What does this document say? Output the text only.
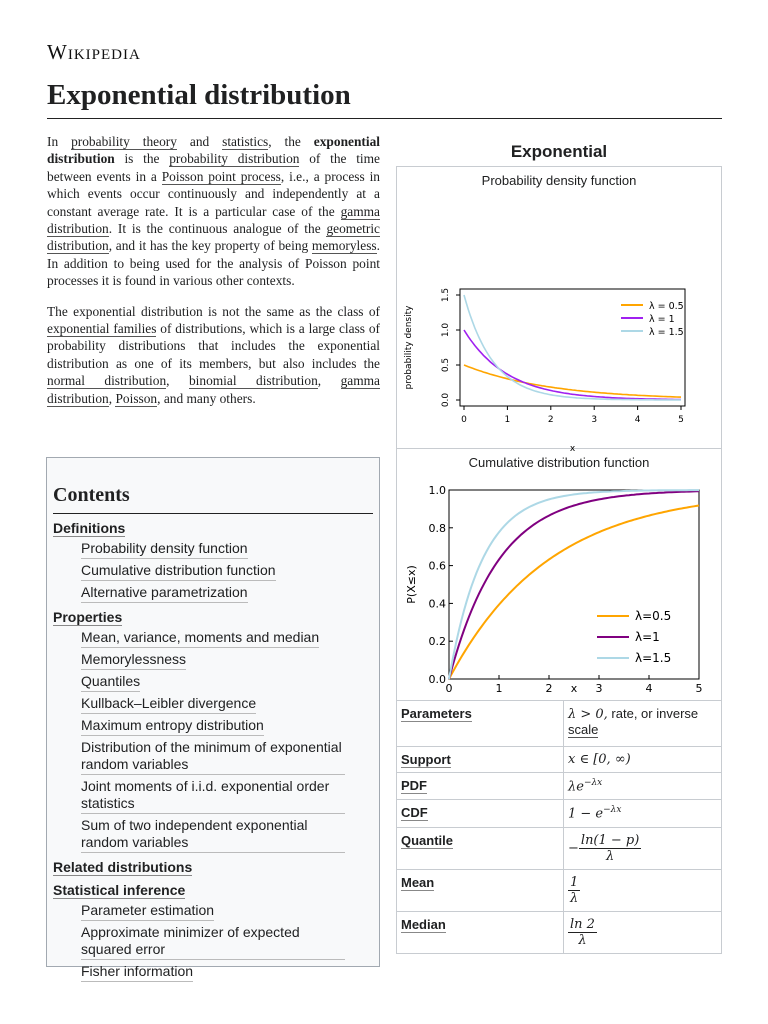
Wikipedia
Exponential distribution

In probability theory and statistics, the exponential distribution is the probability distribution of the time between events in a Poisson point process, i.e., a process in which events occur continuously and independently at a constant average rate. It is a particular case of the gamma distribution. It is the continuous analogue of the geometric distribution, and it has the key property of being memoryless. In addition to being used for the analysis of Poisson point processes it is found in various other contexts.

The exponential distribution is not the same as the class of exponential families of distributions, which is a large class of probability distributions that includes the exponential distribution as one of its members, but also includes the normal distribution, binomial distribution, gamma distribution, Poisson, and many others.

Contents
Definitions
Probability density function
Cumulative distribution function
Alternative parametrization
Properties
Mean, variance, moments and median
Memorylessness
Quantiles
Kullback–Leibler divergence
Maximum entropy distribution
Distribution of the minimum of exponential random variables
Joint moments of i.i.d. exponential order statistics
Sum of two independent exponential random variables
Related distributions
Statistical inference
Parameter estimation
Approximate minimizer of expected squared error
Fisher information
Exponential
Probability density function
0	1	2	3	4	5
0.0
0.5
1.0
1.5
x
probability density	λ = 0.5
λ = 1
λ = 1.5
Cumulative distribution function
0	1	2	3	4	5
0.0
0.2
0.4
0.6
0.8
1.0
x
P(X≤x)
λ=0.5
λ=1
λ=1.5
Parameters	λ > 0, rate, or inverse scale
Support	x ∈ [0, ∞)
PDF	$\lambda e^{-\lambda x}$
CDF	$1 - e^{-\lambda x}$
Quantile	− $\frac{\ln(1 - p)}{\lambda}$

Mean	$\frac{1}{\lambda}$

Median	$\frac{\ln 2}{\lambda}$
